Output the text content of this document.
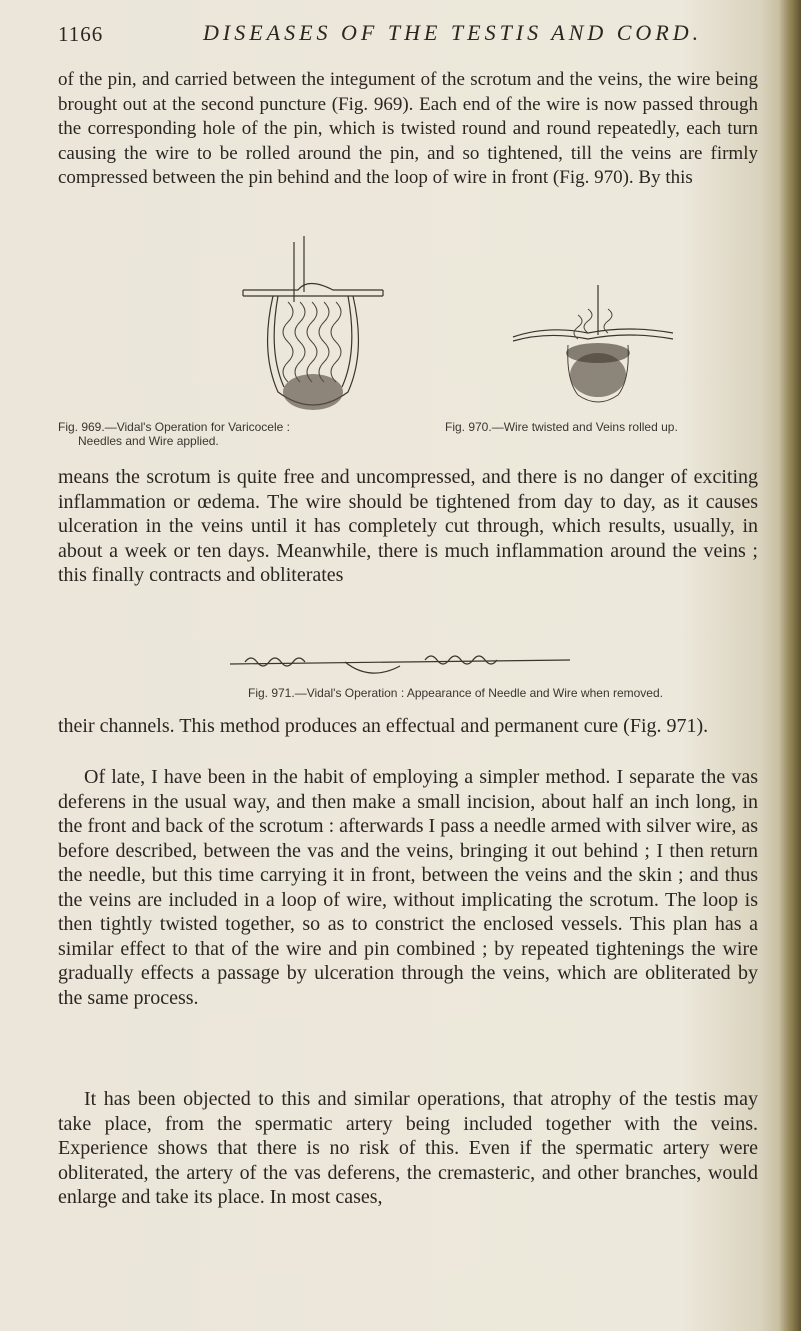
1166	DISEASES OF THE TESTIS AND CORD.

of the pin, and carried between the integument of the scrotum and the veins, the wire being brought out at the second puncture (Fig. 969). Each end of the wire is now passed through the corresponding hole of the pin, which is twisted round and round repeatedly, each turn causing the wire to be rolled around the pin, and so tightened, till the veins are firmly compressed between the pin behind and the loop of wire in front (Fig. 970). By this

Fig. 969.—Vidal's Operation for Varicocele :
Needles and Wire applied.
Fig. 970.—Wire twisted and Veins rolled up.

means the scrotum is quite free and uncompressed, and there is no danger of exciting inflammation or œdema. The wire should be tightened from day to day, as it causes ulceration in the veins until it has completely cut through, which results, usually, in about a week or ten days. Meanwhile, there is much inflammation around the veins ; this finally contracts and obliterates

Fig. 971.—Vidal's Operation : Appearance of Needle and Wire when removed.

their channels. This method produces an effectual and permanent cure (Fig. 971).

Of late, I have been in the habit of employing a simpler method. I separate the vas deferens in the usual way, and then make a small incision, about half an inch long, in the front and back of the scrotum : afterwards I pass a needle armed with silver wire, as before described, between the vas and the veins, bringing it out behind ; I then return the needle, but this time carrying it in front, between the veins and the skin ; and thus the veins are included in a loop of wire, without implicating the scrotum. The loop is then tightly twisted together, so as to constrict the enclosed vessels. This plan has a similar effect to that of the wire and pin combined ; by repeated tightenings the wire gradually effects a passage by ulceration through the veins, which are obliterated by the same process.

It has been objected to this and similar operations, that atrophy of the testis may take place, from the spermatic artery being included together with the veins. Experience shows that there is no risk of this. Even if the spermatic artery were obliterated, the artery of the vas deferens, the cremasteric, and other branches, would enlarge and take its place. In most cases,
